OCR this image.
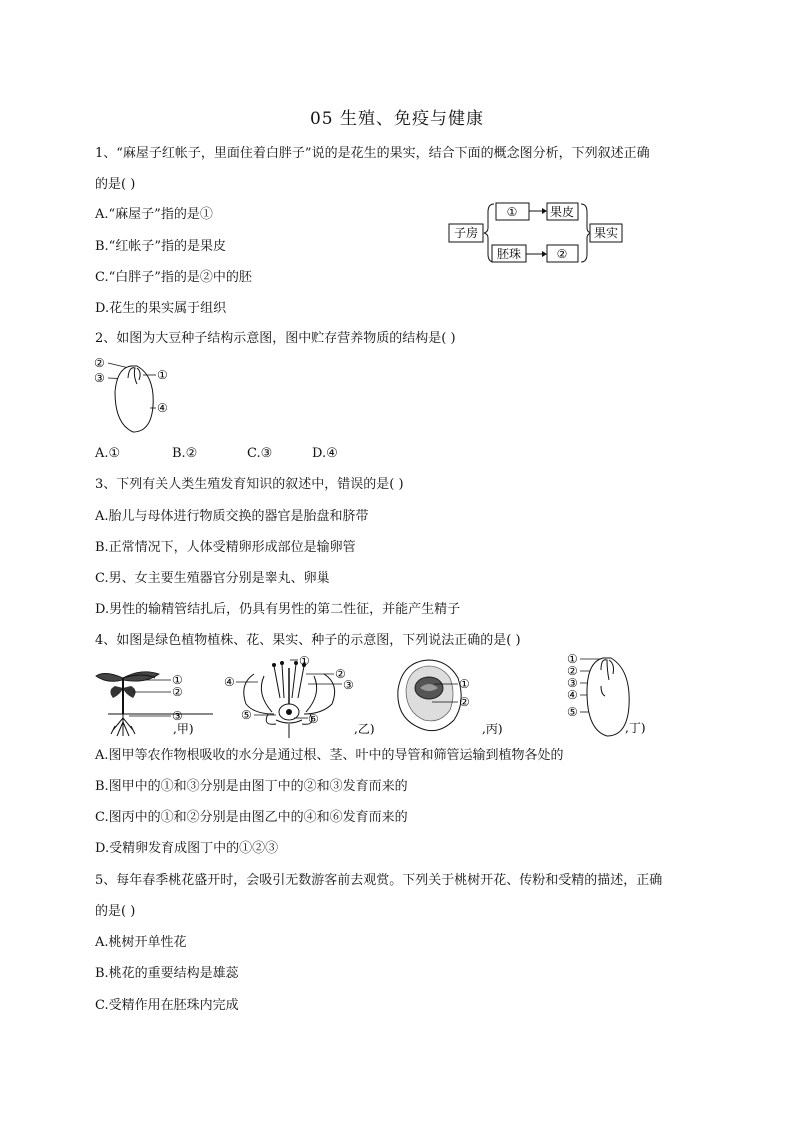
05 生殖、免疫与健康
1、“麻屋子红帐子，里面住着白胖子”说的是花生的果实，结合下面的概念图分析，下列叙述正确
的是( )
A.“麻屋子”指的是①
B.“红帐子”指的是果皮
C.“白胖子”指的是②中的胚
D.花生的果实属于组织
子房
①	果皮
胚珠	②
果实
2、如图为大豆种子结构示意图，图中贮存营养物质的结构是( )
②
③	①
④
A.①	B.②	C.③	D.④
3、下列有关人类生殖发育知识的叙述中，错误的是( )
A.胎儿与母体进行物质交换的器官是胎盘和脐带
B.正常情况下，人体受精卵形成部位是输卵管
C.男、女主要生殖器官分别是睾丸、卵巢
D.男性的输精管结扎后，仍具有男性的第二性征，并能产生精子
4、如图是绿色植物植株、花、果实、种子的示意图，下列说法正确的是( )
①
②
③
,甲)
④
①
②
③
⑤	⑥
,乙)
①
②
,丙)
①
②
③
④
⑤
,丁)
A.图甲等农作物根吸收的水分是通过根、茎、叶中的导管和筛管运输到植物各处的
B.图甲中的①和③分别是由图丁中的②和③发育而来的
C.图丙中的①和②分别是由图乙中的④和⑥发育而来的
D.受精卵发育成图丁中的①②③
5、每年春季桃花盛开时，会吸引无数游客前去观赏。下列关于桃树开花、传粉和受精的描述，正确
的是( )
A.桃树开单性花
B.桃花的重要结构是雄蕊
C.受精作用在胚珠内完成
